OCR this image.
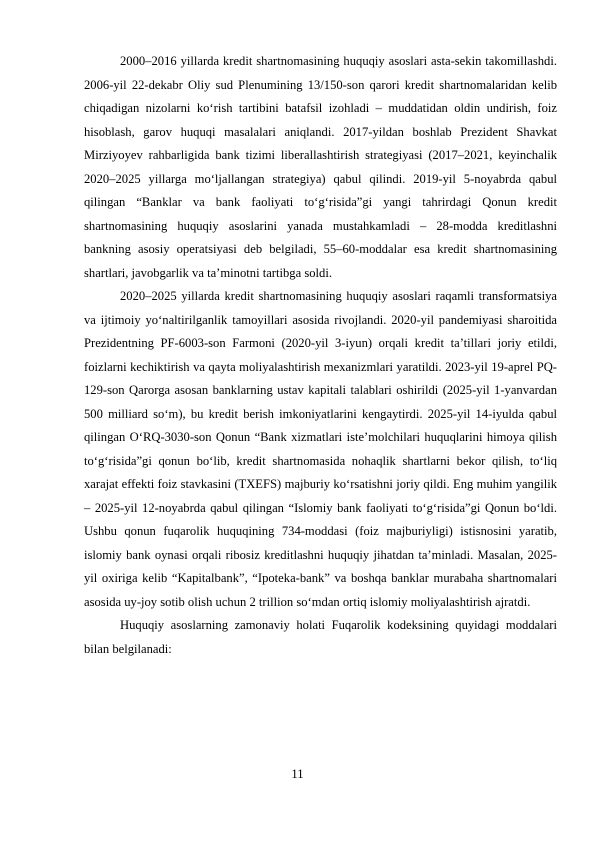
2000–2016 yillarda kredit shartnomasining huquqiy asoslari asta-sekin takomillashdi. 2006-yil 22-dekabr Oliy sud Plenumining 13/150-son qarori kredit shartnomalaridan kelib chiqadigan nizolarni ko‘rish tartibini batafsil izohladi – muddatidan oldin undirish, foiz hisoblash, garov huquqi masalalari aniqlandi. 2017-yildan boshlab Prezident Shavkat Mirziyoyev rahbarligida bank tizimi liberallashtirish strategiyasi (2017–2021, keyinchalik 2020–2025 yillarga mo‘ljallangan strategiya) qabul qilindi. 2019-yil 5-noyabrda qabul qilingan “Banklar va bank faoliyati to‘g‘risida”gi yangi tahrirdagi Qonun kredit shartnomasining huquqiy asoslarini yanada mustahkamladi – 28-modda kreditlashni bankning asosiy operatsiyasi deb belgiladi, 55–60-moddalar esa kredit shartnomasining shartlari, javobgarlik va ta’minotni tartibga soldi.

2020–2025 yillarda kredit shartnomasining huquqiy asoslari raqamli transformatsiya va ijtimoiy yo‘naltirilganlik tamoyillari asosida rivojlandi. 2020-yil pandemiyasi sharoitida Prezidentning PF-6003-son Farmoni (2020-yil 3-iyun) orqali kredit ta’tillari joriy etildi, foizlarni kechiktirish va qayta moliyalashtirish mexanizmlari yaratildi. 2023-yil 19-aprel PQ-129-son Qarorga asosan banklarning ustav kapitali talablari oshirildi (2025-yil 1-yanvardan 500 milliard so‘m), bu kredit berish imkoniyatlarini kengaytirdi. 2025-yil 14-iyulda qabul qilingan O‘RQ-3030-son Qonun “Bank xizmatlari iste’molchilari huquqlarini himoya qilish to‘g‘risida”gi qonun bo‘lib, kredit shartnomasida nohaqlik shartlarni bekor qilish, to‘liq xarajat effekti foiz stavkasini (TXEFS) majburiy ko‘rsatishni joriy qildi. Eng muhim yangilik – 2025-yil 12-noyabrda qabul qilingan “Islomiy bank faoliyati to‘g‘risida”gi Qonun bo‘ldi. Ushbu qonun fuqarolik huquqining 734-moddasi (foiz majburiyligi) istisnosini yaratib, islomiy bank oynasi orqali ribosiz kreditlashni huquqiy jihatdan ta’minladi. Masalan, 2025-yil oxiriga kelib “Kapitalbank”, “Ipoteka-bank” va boshqa banklar murabaha shartnomalari asosida uy-joy sotib olish uchun 2 trillion so‘mdan ortiq islomiy moliyalashtirish ajratdi.

Huquqiy asoslarning zamonaviy holati Fuqarolik kodeksining quyidagi moddalari bilan belgilanadi:

11
